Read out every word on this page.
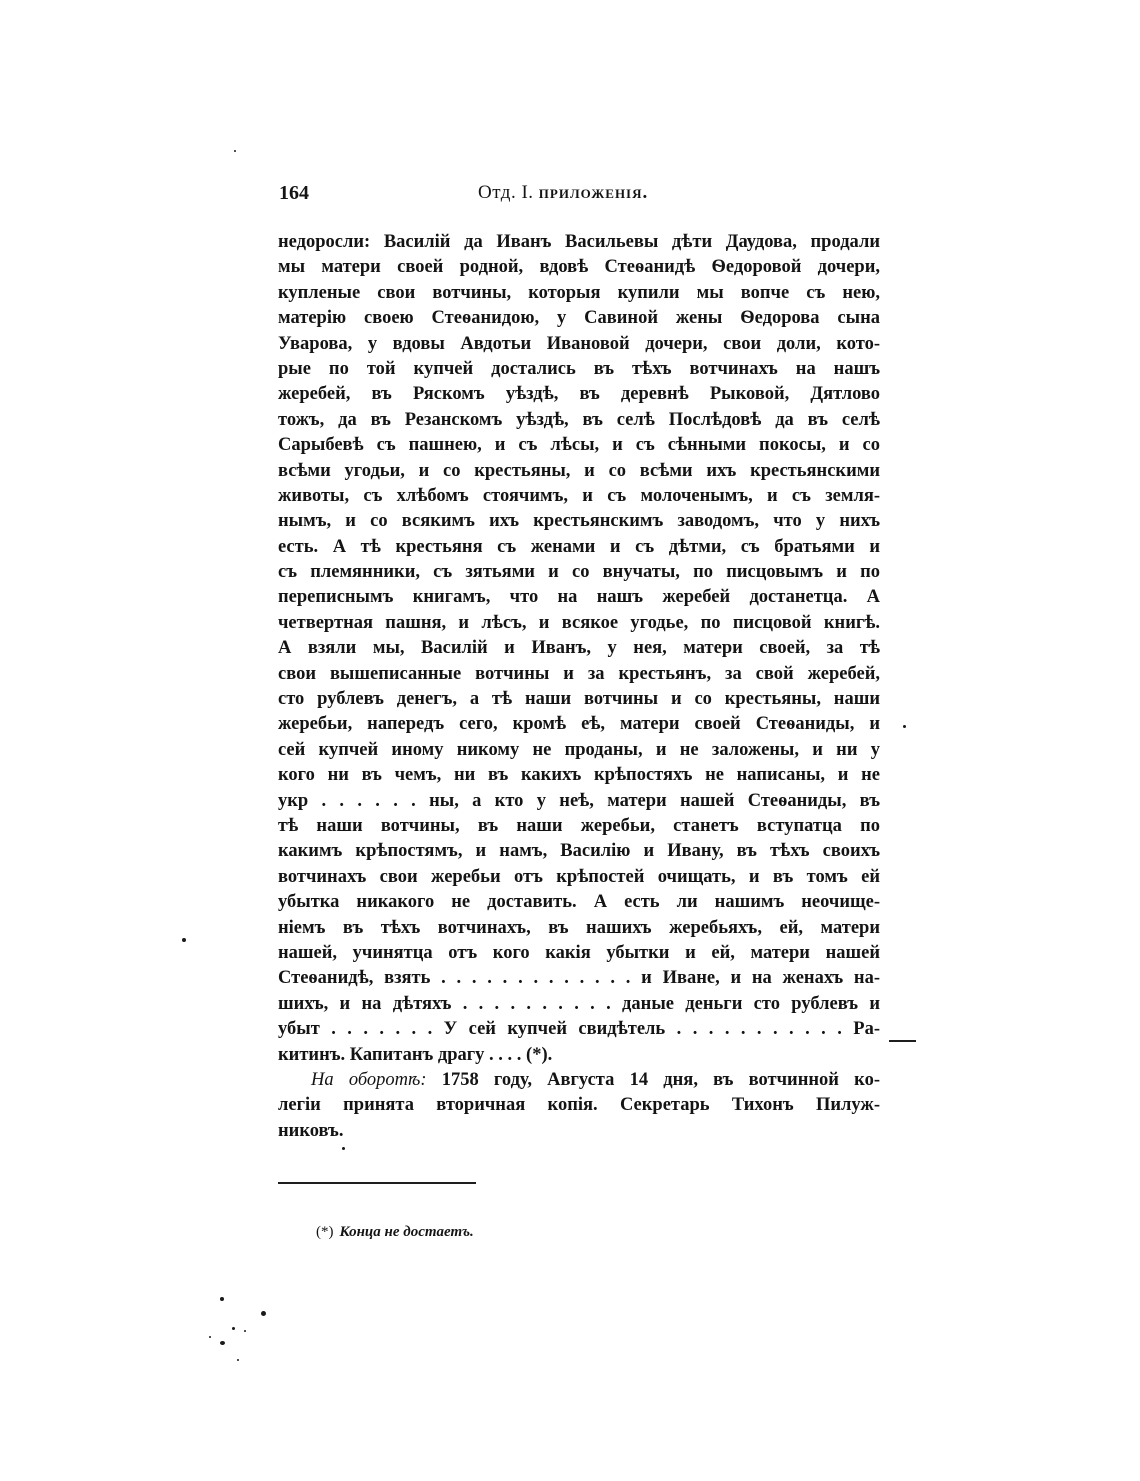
164	Отд. I. приложенія.
недоросли: Василій да Иванъ Васильевы дѣти Даудова, продали
мы матери своей родной, вдовѣ Стеѳанидѣ Ѳедоровой дочери,
купленые свои вотчины, которыя купили мы вопче съ нею,
матерію своею Стеѳанидою, у Савиной жены Ѳедорова сына
Уварова, у вдовы Авдотьи Ивановой дочери, свои доли, кото-
рые по той купчей достались въ тѣхъ вотчинахъ на нашъ
жеребей, въ Ряскомъ уѣздѣ, въ деревнѣ Рыковой, Дятлово
тожъ, да въ Резанскомъ уѣздѣ, въ селѣ Послѣдовѣ да въ селѣ
Сарыбевѣ съ пашнею, и съ лѣсы, и съ сѣнными покосы, и со
всѣми угодьи, и со крестьяны, и со всѣми ихъ крестьянскими
животы, съ хлѣбомъ стоячимъ, и съ молоченымъ, и съ земля-
нымъ, и со всякимъ ихъ крестьянскимъ заводомъ, что у нихъ
есть. А тѣ крестьяня съ женами и съ дѣтми, съ братьями и
съ племянники, съ зятьями и со внучаты, по писцовымъ и по
переписнымъ книгамъ, что на нашъ жеребей достанетца. А
четвертная пашня, и лѣсъ, и всякое угодье, по писцовой книгѣ.
А взяли мы, Василій и Иванъ, у нея, матери своей, за тѣ
свои вышеписанные вотчины и за крестьянъ, за свой жеребей,
сто рублевъ денегъ, а тѣ наши вотчины и со крестьяны, наши
жеребьи, напередъ сего, кромѣ еѣ, матери своей Стеѳаниды, и
сей купчей иному никому не проданы, и не заложены, и ни у
кого ни въ чемъ, ни въ какихъ крѣпостяхъ не написаны, и не
укр . . . . . . ны, а кто у неѣ, матери нашей Стеѳаниды, въ
тѣ наши вотчины, въ наши жеребьи, станетъ вступатца по
какимъ крѣпостямъ, и намъ, Василію и Ивану, въ тѣхъ своихъ
вотчинахъ свои жеребьи отъ крѣпостей очищать, и въ томъ ей
убытка никакого не доставить. А есть ли нашимъ неочище-
ніемъ въ тѣхъ вотчинахъ, въ нашихъ жеребьяхъ, ей, матери
нашей, учинятца отъ кого какія убытки и ей, матери нашей
Стеѳанидѣ, взять . . . . . . . . . . . . . и Иване, и на женахъ на-
шихъ, и на дѣтяхъ . . . . . . . . . . даные деньги сто рублевъ и
убыт . . . . . . . У сей купчей свидѣтель . . . . . . . . . . . Ра-
китинъ. Капитанъ драгу . . . . (*).
На оборотѣ: 1758 году, Августа 14 дня, въ вотчинной ко-
легіи принята вторичная копія. Секретарь Тихонъ Пилуж-
никовъ.
(*) Конца не достаетъ.
